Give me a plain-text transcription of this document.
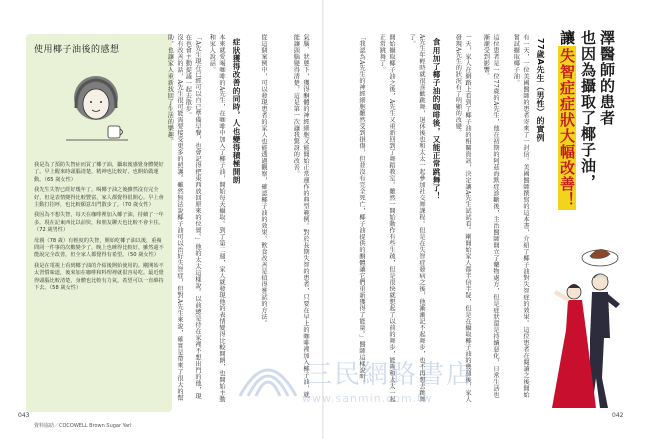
使用椰子油後的感想

我是為了預防失智症而買了椰子油，攝取後感覺身體變好了。早上醒來時頭腦清楚，精神也比較好，也開始做運動。（65 歲女性）

我先生失智已經好幾年了，喝椰子油之後雖然沒有完全好，但是表情變得比較豐富，家人都覺得很開心。早上會主動打招呼，也比較願意出門散步了。（70 歲女性）

我因為不想失智，每天在咖啡裡加入椰子油，持續了一年多。現在記東西比以前快，和朋友聊天也比較不會卡住。（72 歲男性）

母親（78 歲）有輕度的失智，開始吃椰子油以後，重複問同一件事的次數變少了，晚上也睡得比較好。雖然還不能說完全改善，但全家人都覺得有希望。（50 歲女性）

我是在電視上看到椰子油的介紹後開始使用的。剛開始不太習慣味道，後來加在咖啡和料理裡就很容易吃。最近覺得頭腦比較清楚，身體也比較有力氣。希望可以一直維持下去。（58 歲女性）

資料協助／COCOWELL Brown Sugar Yarl
氣腦、狀態下，獲得酮體的神經細胞又能開始正常運作的典型範例。對於長期失智的患者，只要在早上的咖啡裡加入椰子油，就能讓頭腦變得清楚，這是第一次讓我驚訝的改善。
從這個案例中，可以發現患者的家人也能透過觀察，確認椰子油的效果。飲食改善是值得嘗試的方法。
症狀獲得改善的同時，人也變得積極開朗
本來就愛喝咖啡的A先生，在咖啡中加入了椰子油，開始每天攝取。到了第二週，家人就發現他的表情變得比較開朗，也開始主動和家人說話。
「A先生現在已經可以自己準備早餐，也會記得把東西放回原來的位置。」他的太太這樣說。以前總是待在家裡不想出門的他，現在也會主動提議一起去散步。
沒有改善的話，A先生很可能需要接受更多的照護。雖然無法說椰子油可以治好失智症，但對A先生來說，確實是帶來了很大的幫助，也讓家人重新找回了生活的樂趣。
043
澤醫師的患者
也因為攝取了椰子油，
讓失智症症狀大幅改善！
77歲A先生（男性）的實例
有一天，一位美國醫師的患者寄來了一封信。美國醫師撰寫的這本書，介紹了椰子油對失智症的效果。這位患者在閱讀之後開始嘗試攝取椰子油。
這位患者是一位77歲的A先生，他在初期的阿茲海默症診斷後，主治醫師開立了藥物處方，但是症狀還是持續惡化，日常生活也漸漸受到影響。
一天，家人在網路上看到了椰子油的相關資訊，決定讓A先生試試看。剛開始家人都半信半疑，但是在攝取椰子油的幾週後，家人發現A先生的狀況有了明顯的改變。
食用加了椰子油的咖啡後，又能正常跳舞了！
A先生年輕時就很喜歡跳舞，退休後也和太太一起參加社交舞課程。但是在失智症發病之後，他漸漸記不起舞步，也不再想去跳舞了。
開始攝取椰子油之後，A先生又重新回到了舞蹈教室。雖然一開始動作有些生疏，但是很快就想起了以前的舞步，能夠和太太一起正常跳舞了。
「我認為A先生的神經細胞雖然受到損傷，但並沒有完全死亡，椰子油提供的酮體讓它們重新獲得了能量。」醫師這樣說明。
042
三民網路書店
www.sanmin.com.tw
